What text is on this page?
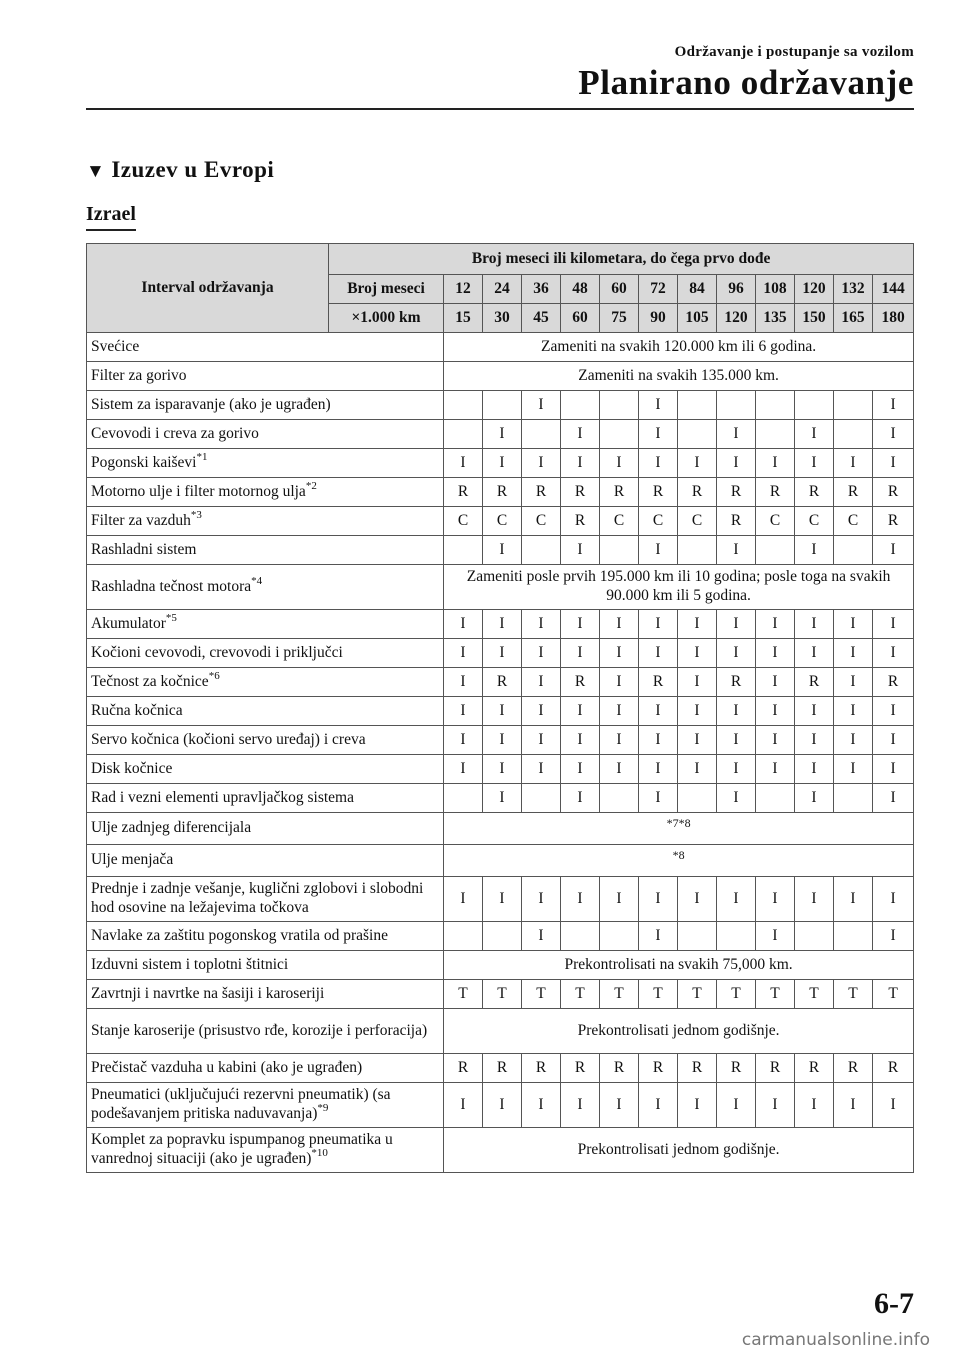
Održavanje i postupanje sa vozilom
Planirano održavanje
▼ Izuzev u Evropi
Izrael
Interval održavanja	Broj meseci ili kilometara, do čega prvo dođe												
	Broj meseci	12	24	36	48	60	72	84	96	108	120	132	144
	×1.000 km	15	30	45	60	75	90	105	120	135	150	165	180
Svećice		Zameniti na svakih 120.000 km ili 6 godina.											
Filter za gorivo		Zameniti na svakih 135.000 km.											
Sistem za isparavanje (ako je ugrađen)				I			I						I
Cevovodi i creva za gorivo			I		I		I		I		I		I
Pogonski kaiševi$^{*1}$		I	I	I	I	I	I	I	I	I	I	I	I
Motorno ulje i filter motornog ulja$^{*2}$		R	R	R	R	R	R	R	R	R	R	R	R
Filter za vazduh$^{*3}$		C	C	C	R	C	C	C	R	C	C	C	R
Rashladni sistem			I		I		I		I		I		I
Rashladna tečnost motora$^{*4}$		Zameniti posle prvih 195.000 km ili 10 godina; posle toga na svakih 90.000 km ili 5 godina.											
Akumulator$^{*5}$		I	I	I	I	I	I	I	I	I	I	I	I
Kočioni cevovodi, crevovodi i priključci		I	I	I	I	I	I	I	I	I	I	I	I
Tečnost za kočnice$^{*6}$		I	R	I	R	I	R	I	R	I	R	I	R
Ručna kočnica		I	I	I	I	I	I	I	I	I	I	I	I
Servo kočnica (kočioni servo uređaj) i creva		I	I	I	I	I	I	I	I	I	I	I	I
Disk kočnice		I	I	I	I	I	I	I	I	I	I	I	I
Rad i vezni elementi upravljačkog sistema			I		I		I		I		I		I
Ulje zadnjeg diferencijala		*7*8											
Ulje menjača		*8											
Prednje i zadnje vešanje, kuglični zglobovi i slobodni hod osovine na ležajevima točkova		I	I	I	I	I	I	I	I	I	I	I	I
Navlake za zaštitu pogonskog vratila od prašine				I			I			I			I
Izduvni sistem i toplotni štitnici		Prekontrolisati na svakih 75,000 km.											
Zavrtnji i navrtke na šasiji i karoseriji		T	T	T	T	T	T	T	T	T	T	T	T
Stanje karoserije (prisustvo rđe, korozije i perforacija)		Prekontrolisati jednom godišnje.											
Prečistač vazduha u kabini (ako je ugrađen)		R	R	R	R	R	R	R	R	R	R	R	R
Pneumatici (uključujući rezervni pneumatik) (sa podešavanjem pritiska naduvavanja)$^{*9}$		I	I	I	I	I	I	I	I	I	I	I	I
Komplet za popravku ispumpanog pneumatika u vanrednoj situaciji (ako je ugrađen)$^{*10}$		Prekontrolisati jednom godišnje.											
6-7
carmanualsonline.info
